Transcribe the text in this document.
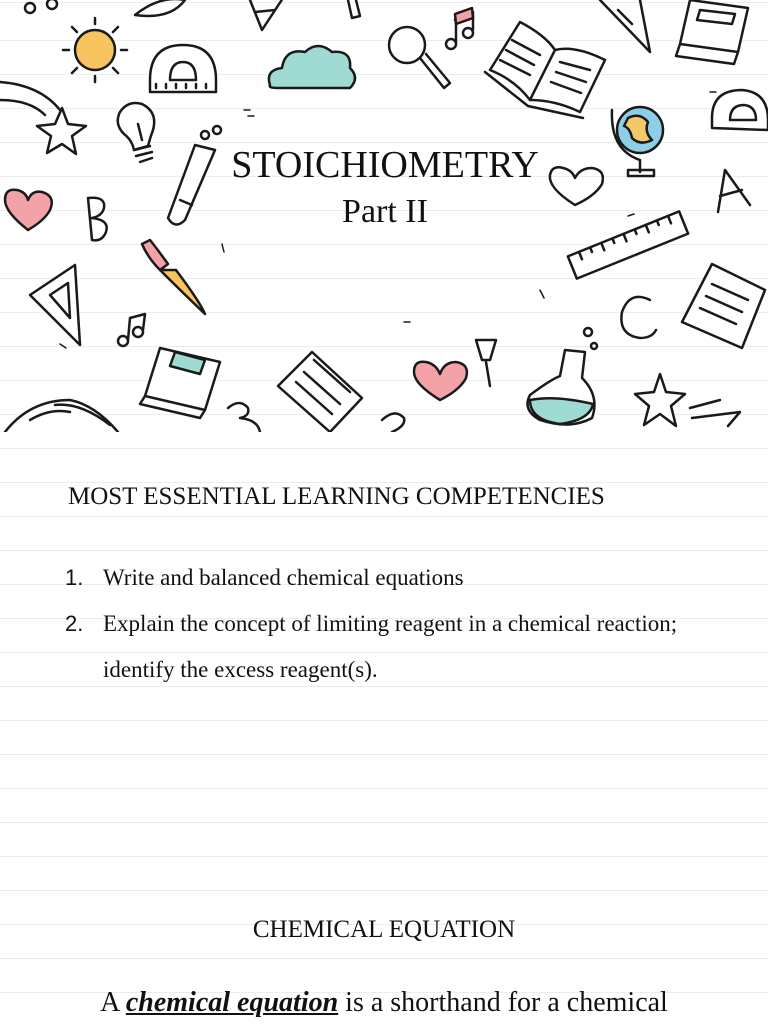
STOICHIOMETRY
Part II
MOST ESSENTIAL LEARNING COMPETENCIES
1. Write and balanced chemical equations
2. Explain the concept of limiting reagent in a chemical reaction; identify the excess reagent(s).
CHEMICAL EQUATION

A chemical equation is a shorthand for a chemical
